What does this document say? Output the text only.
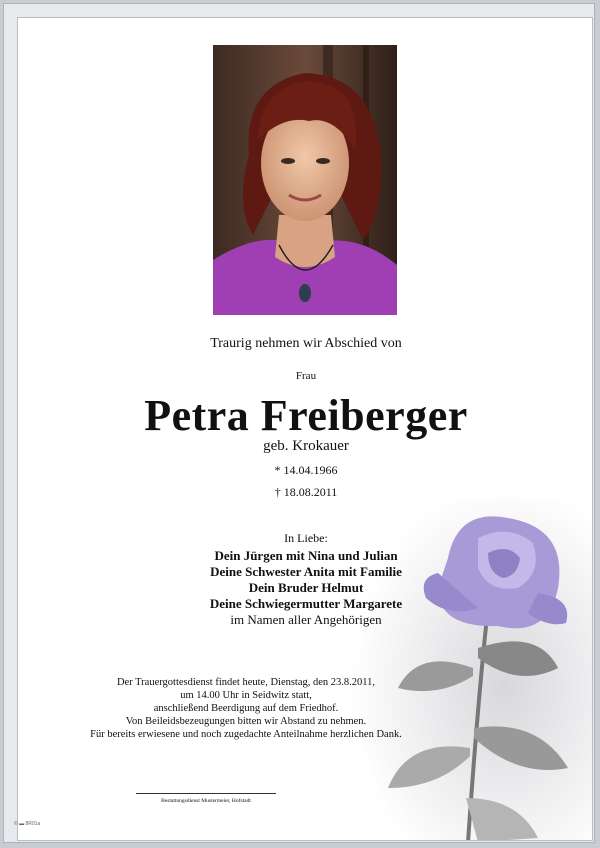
Traurig nehmen wir Abschied von
Frau
Petra Freiberger
geb. Krokauer
* 14.04.1966
† 18.08.2011
In Liebe:
Dein Jürgen mit Nina und Julian
Deine Schwester Anita mit Familie
Dein Bruder Helmut
Deine Schwiegermutter Margarete
im Namen aller Angehörigen
Der Trauergottesdienst findet heute, Dienstag, den 23.8.2011,
um 14.00 Uhr in Seidwitz statt,
anschließend Beerdigung auf dem Friedhof.
Von Beileidsbezeugungen bitten wir Abstand zu nehmen.
Für bereits erwiesene und noch zugedachte Anteilnahme herzlichen Dank.
Bestattungsdienst Mustermeier, Hofstadt
© ▬ 8R01a
